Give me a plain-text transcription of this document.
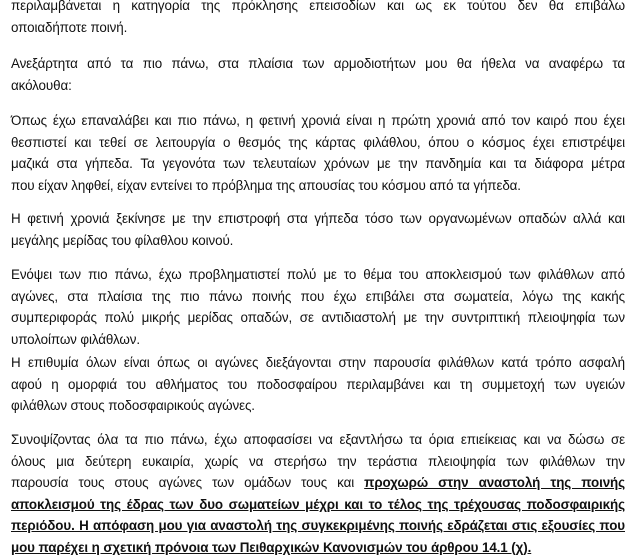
περιλαμβάνεται η κατηγορία της πρόκλησης επεισοδίων και ως εκ τούτου δεν θα επιβάλω
οποιαδήποτε ποινή.

Ανεξάρτητα από τα πιο πάνω, στα πλαίσια των αρμοδιοτήτων μου θα ήθελα να αναφέρω τα
ακόλουθα:

Όπως έχω επαναλάβει και πιο πάνω, η φετινή χρονιά είναι η πρώτη χρονιά από τον καιρό που έχει
θεσπιστεί και τεθεί σε λειτουργία ο θεσμός της κάρτας φιλάθλου, όπου ο κόσμος έχει επιστρέψει
μαζικά στα γήπεδα. Τα γεγονότα των τελευταίων χρόνων με την πανδημία και τα διάφορα μέτρα
που είχαν ληφθεί, είχαν εντείνει το πρόβλημα της απουσίας του κόσμου από τα γήπεδα.

Η φετινή χρονιά ξεκίνησε με την επιστροφή στα γήπεδα τόσο των οργανωμένων οπαδών αλλά και
μεγάλης μερίδας του φίλαθλου κοινού.

Ενόψει των πιο πάνω, έχω προβληματιστεί πολύ με το θέμα του αποκλεισμού των φιλάθλων από
αγώνες, στα πλαίσια της πιο πάνω ποινής που έχω επιβάλει στα σωματεία, λόγω της κακής
συμπεριφοράς πολύ μικρής μερίδας οπαδών, σε αντιδιαστολή με την συντριπτική πλειοψηφία των
υπολοίπων φιλάθλων.

Η επιθυμία όλων είναι όπως οι αγώνες διεξάγονται στην παρουσία φιλάθλων κατά τρόπο ασφαλή
αφού η ομορφιά του αθλήματος του ποδοσφαίρου περιλαμβάνει και τη συμμετοχή των υγειών
φιλάθλων στους ποδοσφαιρικούς αγώνες.

Συνοψίζοντας όλα τα πιο πάνω, έχω αποφασίσει να εξαντλήσω τα όρια επιείκειας και να δώσω σε
όλους μια δεύτερη ευκαιρία, χωρίς να στερήσω την τεράστια πλειοψηφία των φιλάθλων την
παρουσία τους στους αγώνες των ομάδων τους και προχωρώ στην αναστολή της ποινής
αποκλεισμού της έδρας των δυο σωματείων μέχρι και το τέλος της τρέχουσας ποδοσφαιρικής
περιόδου. Η απόφαση μου για αναστολή της συγκεκριμένης ποινής εδράζεται στις εξουσίες που
μου παρέχει η σχετική πρόνοια των Πειθαρχικών Κανονισμών του άρθρου 14.1 (χ).
